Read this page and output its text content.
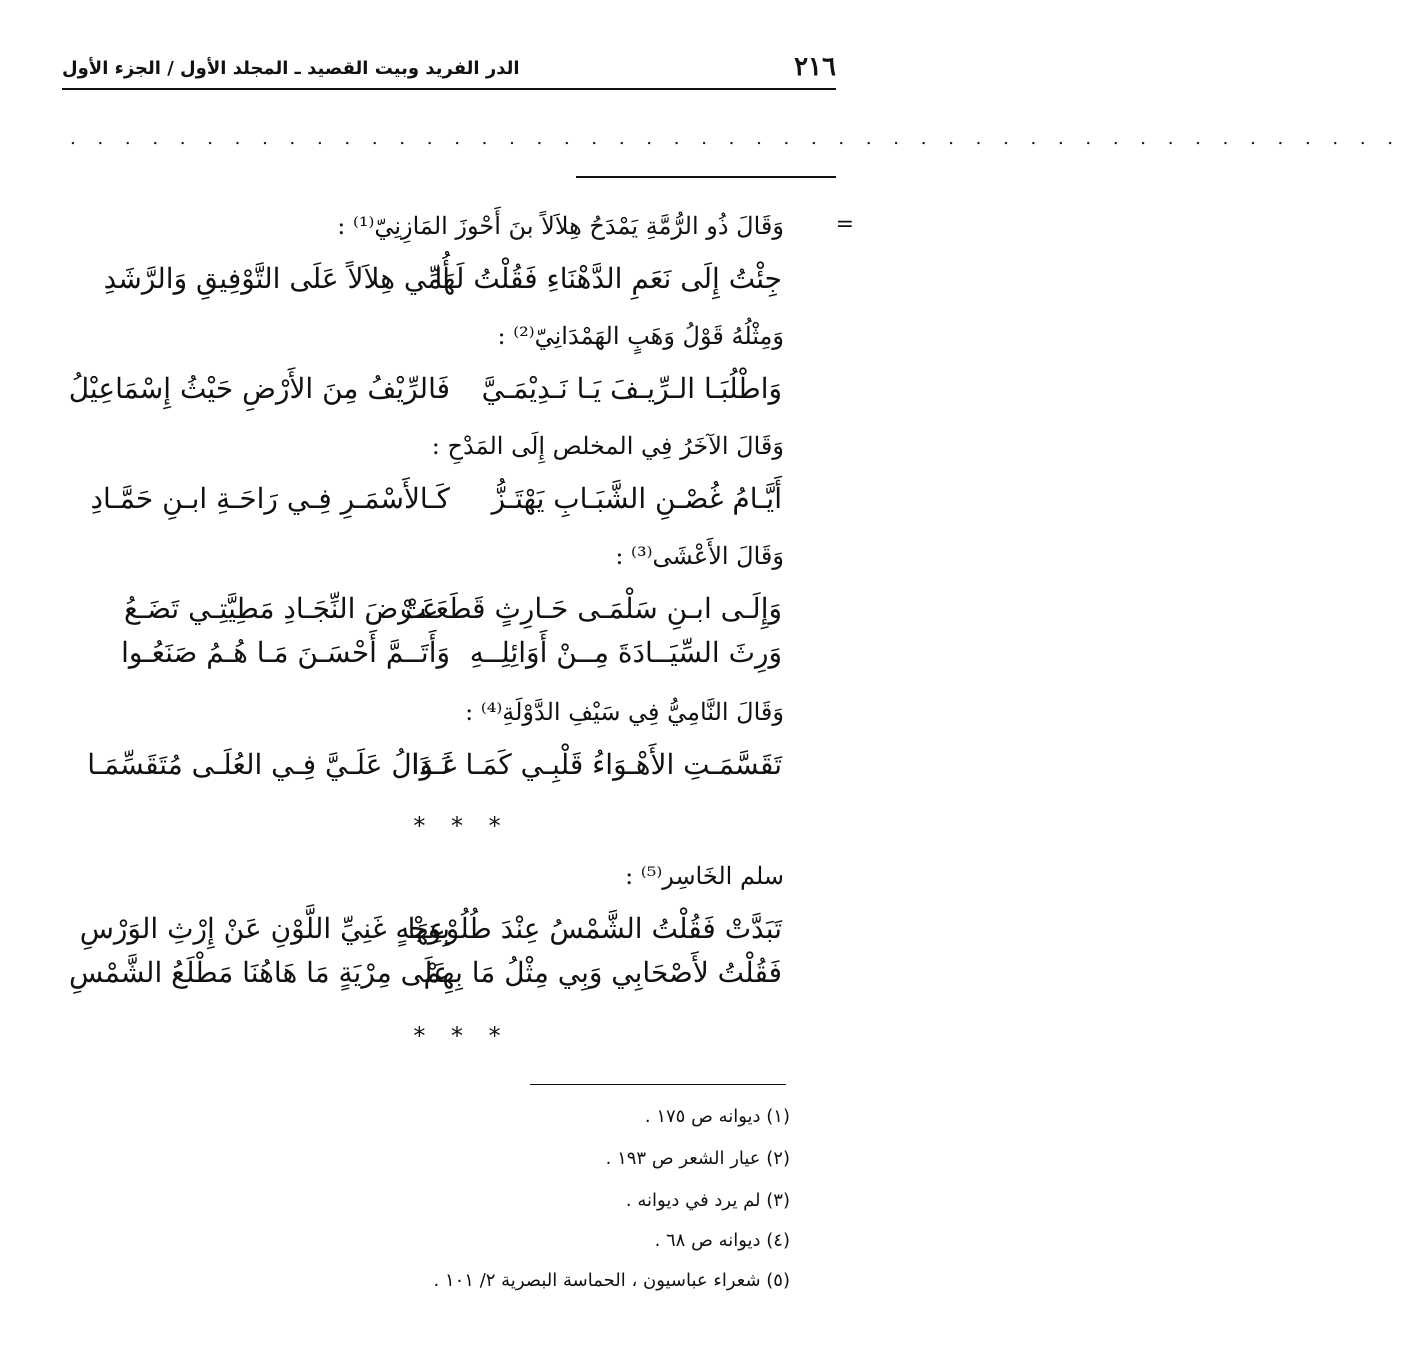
٢١٦
الدر الفريد وبيت القصيد ـ المجلد الأول / الجزء الأول
. . . . . . . . . . . . . . . . . . . . . . . . . . . . . . . . . . . . . . . . . . . . . . . . .
=
وَقَالَ ذُو الرُّمَّةِ يَمْدَحُ هِلاَلاً بنَ أَحْوزَ المَازِنِيّ⁽¹⁾ :
جِئْتُ إِلَى نَعَمِ الدَّهْنَاءِ فَقُلْتُ لَهَا
أُمِّي هِلاَلاً عَلَى التَّوْفِيقِ وَالرَّشَدِ
وَمِثْلُهُ قَوْلُ وَهَبٍ الهَمْدَانِيّ⁽²⁾ :
وَاطْلُبَـا الـرِّيـفَ يَـا نَـدِيْمَـيَّ
فَالرِّيْفُ مِنَ الأَرْضِ حَيْثُ إِسْمَاعِيْلُ
وَقَالَ الآخَرُ فِي المخلص إِلَى المَدْحِ :
أَيَّـامُ غُصْـنِ الشَّبَـابِ يَهْتَـزُّ
كَـالأَسْمَـرِ فِـي رَاحَـةِ ابـنِ حَمَّـادِ
وَقَالَ الأَعْشَى⁽³⁾ :
وَإِلَـى ابـنِ سَلْمَـى حَـارِثٍ قَطَعَـتْ
عَـرْضَ النِّجَـادِ مَطِيَّتِـي تَضَـعُ
وَرِثَ السِّيَــادَةَ مِــنْ أَوَائِلِــهِ
وَأَتَــمَّ أَحْسَـنَ مَـا هُـمُ صَنَعُـوا
وَقَالَ النَّامِيُّ فِي سَيْفِ الدَّوْلَةِ⁽⁴⁾ :
تَقَسَّمَـتِ الأَهْـوَاءُ قَلْبِـي كَمَـا غَـدَا
نَـوَالُ عَلَـيَّ فِـي العُلَـى مُتَقَسِّمَـا
* * *
سلم الخَاسِر⁽⁵⁾ :
تَبَدَّتْ فَقُلْتُ الشَّمْسُ عِنْدَ طُلُوْعِهَا
بِوَجْهٍ غَنِيِّ اللَّوْنِ عَنْ إِرْثِ الوَرْسِ
فَقُلْتُ لأَصْحَابِي وَبِي مِثْلُ مَا بِهِمْ
عَلَى مِرْيَةٍ مَا هَاهُنَا مَطْلَعُ الشَّمْسِ
* * *
(١) ديوانه ص ١٧٥ .
(٢) عيار الشعر ص ١٩٣ .
(٣) لم يرد في ديوانه .
(٤) ديوانه ص ٦٨ .
(٥) شعراء عباسيون ، الحماسة البصرية ٢/ ١٠١ .
